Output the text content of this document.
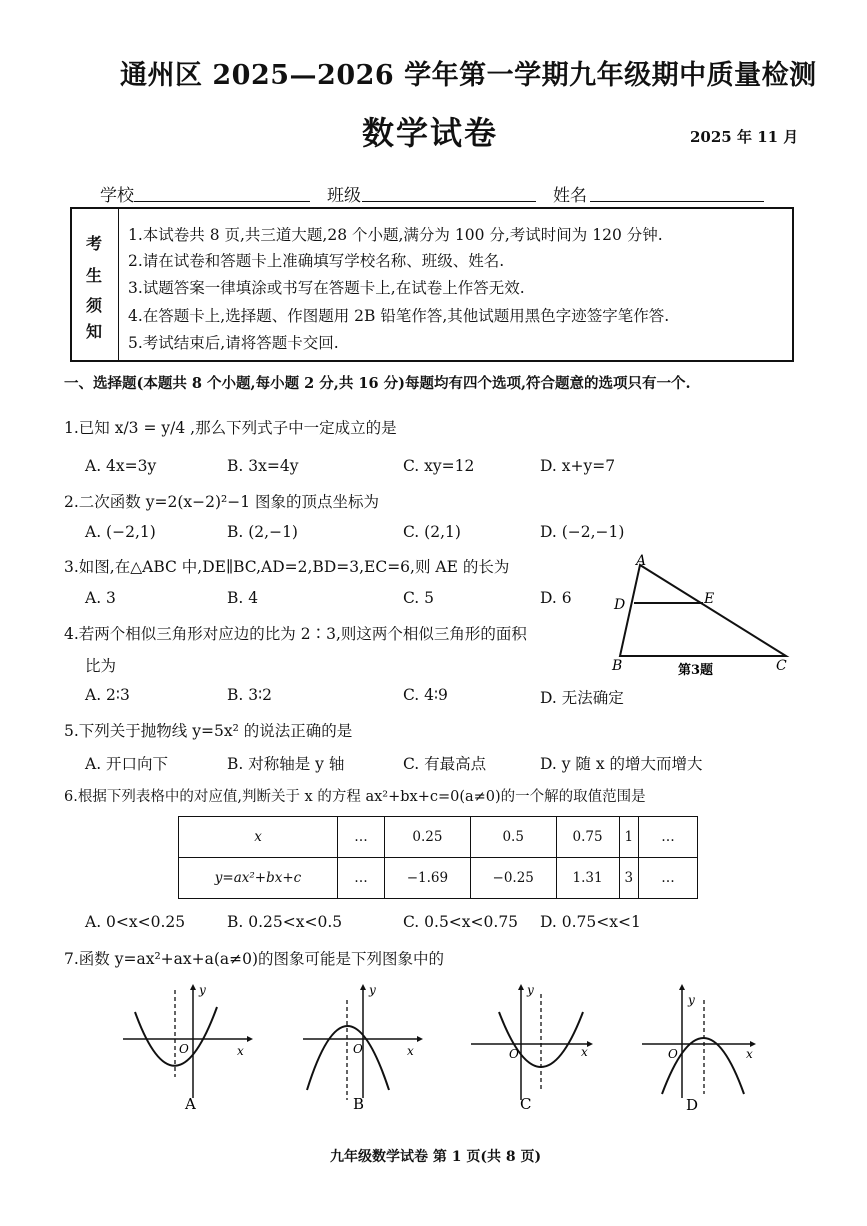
通州区 2025—2026 学年第一学期九年级期中质量检测
数学试卷	2025 年 11 月
学校	班级	姓名
考
生
须
知
1.本试卷共 8 页,共三道大题,28 个小题,满分为 100 分,考试时间为 120 分钟.
2.请在试卷和答题卡上准确填写学校名称、班级、姓名.
3.试题答案一律填涂或书写在答题卡上,在试卷上作答无效.
4.在答题卡上,选择题、作图题用 2B 铅笔作答,其他试题用黑色字迹签字笔作答.
5.考试结束后,请将答题卡交回.
一、选择题(本题共 8 个小题,每小题 2 分,共 16 分)每题均有四个选项,符合题意的选项只有一个.
1.已知 x/3 = y/4 ,那么下列式子中一定成立的是
A. 4x=3y	B. 3x=4y	C. xy=12	D. x+y=7
2.二次函数 y=2(x−2)²−1 图象的顶点坐标为
A. (−2,1)	B. (2,−1)	C. (2,1)	D. (−2,−1)
3.如图,在△ABC 中,DE∥BC,AD=2,BD=3,EC=6,则 AE 的长为
A. 3	B. 4	C. 5	D. 6
A
D	E
B	C
第3题
4.若两个相似三角形对应边的比为 2∶3,则这两个相似三角形的面积
比为
A. 2∶3	B. 3∶2	C. 4∶9	D. 无法确定
5.下列关于抛物线 y=5x² 的说法正确的是
A. 开口向下	B. 对称轴是 y 轴	C. 有最高点	D. y 随 x 的增大而增大
6.根据下列表格中的对应值,判断关于 x 的方程 ax²+bx+c=0(a≠0)的一个解的取值范围是
x	…	0.25	0.5	0.75	1	…
y=ax²+bx+c	…	−1.69	−0.25	1.31	3	…
A. 0<x<0.25	B. 0.25<x<0.5	C. 0.5<x<0.75 D. 0.75<x<1
7.函数 y=ax²+ax+a(a≠0)的图象可能是下列图象中的
y
x
O
A
y
x
O
B
y
x
O
C
y
x
O
D
九年级数学试卷 第 1 页(共 8 页)
